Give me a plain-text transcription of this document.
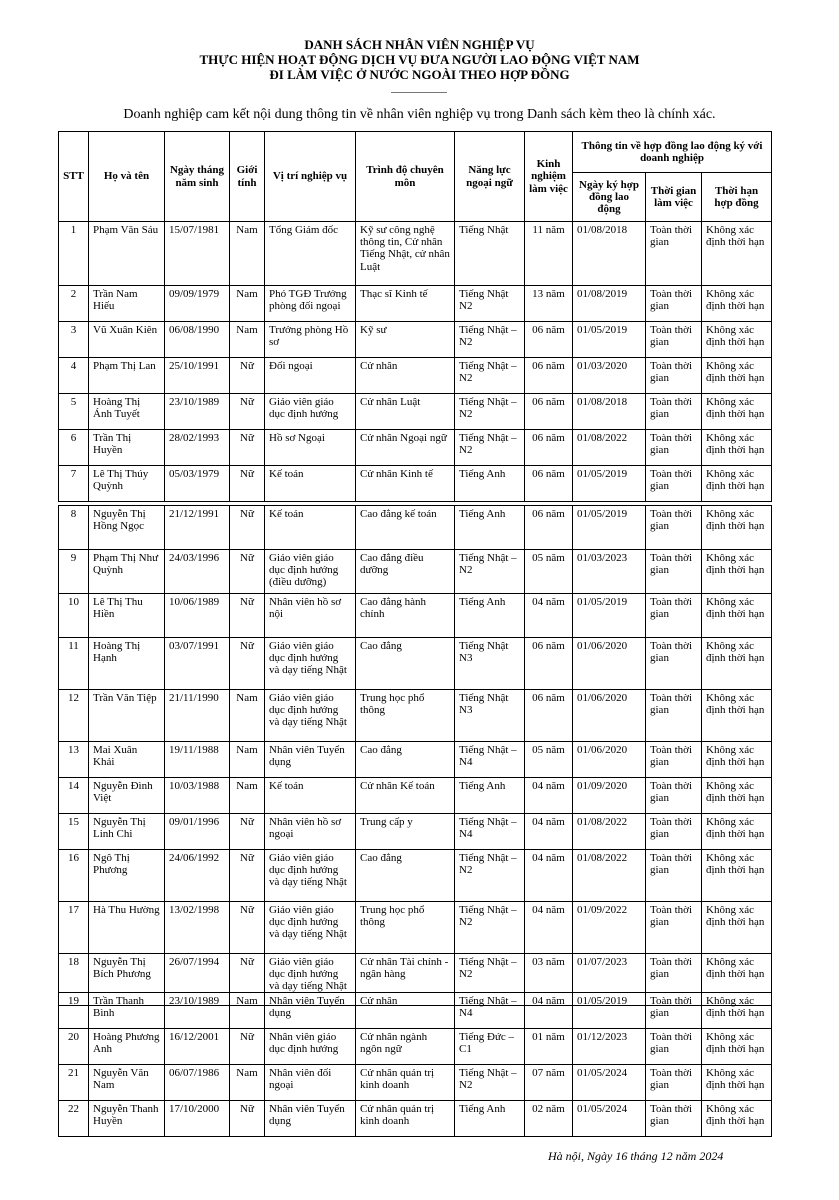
DANH SÁCH NHÂN VIÊN NGHIỆP VỤ
THỰC HIỆN HOẠT ĐỘNG DỊCH VỤ ĐƯA NGƯỜI LAO ĐỘNG VIỆT NAM
ĐI LÀM VIỆC Ở NƯỚC NGOÀI THEO HỢP ĐỒNG
Doanh nghiệp cam kết nội dung thông tin về nhân viên nghiệp vụ trong Danh sách kèm theo là chính xác.
STT	Họ và tên	Ngày tháng năm sinh	Giới tính	Vị trí nghiệp vụ	Trình độ chuyên môn	Năng lực ngoại ngữ	Kinh nghiệm làm việc	Thông tin về hợp đồng lao động ký với doanh nghiệp		
								Ngày ký hợp đồng lao động	Thời gian làm việc	Thời hạn hợp đồng
1	Phạm Văn Sáu	15/07/1981	Nam	Tổng Giám đốc	Kỹ sư công nghệ thông tin, Cử nhân Tiếng Nhật, cử nhân Luật	Tiếng Nhật	11 năm	01/08/2018	Toàn thời gian	Không xác định thời hạn
2	Trần Nam Hiếu	09/09/1979	Nam	Phó TGĐ Trưởng phòng đối ngoại	Thạc sĩ Kinh tế	Tiếng Nhật N2	13 năm	01/08/2019	Toàn thời gian	Không xác định thời hạn
3	Vũ Xuân Kiên	06/08/1990	Nam	Trưởng phòng Hồ sơ	Kỹ sư	Tiếng Nhật – N2	06 năm	01/05/2019	Toàn thời gian	Không xác định thời hạn
4	Phạm Thị Lan	25/10/1991	Nữ	Đối ngoại	Cử nhân	Tiếng Nhật – N2	06 năm	01/03/2020	Toàn thời gian	Không xác định thời hạn
5	Hoàng Thị Ánh Tuyết	23/10/1989	Nữ	Giáo viên giáo dục định hướng	Cử nhân Luật	Tiếng Nhật – N2	06 năm	01/08/2018	Toàn thời gian	Không xác định thời hạn
6	Trần Thị Huyền	28/02/1993	Nữ	Hồ sơ Ngoại	Cử nhân Ngoại ngữ	Tiếng Nhật – N2	06 năm	01/08/2022	Toàn thời gian	Không xác định thời hạn
7	Lê Thị Thúy Quỳnh	05/03/1979	Nữ	Kế toán	Cử nhân Kinh tế	Tiếng Anh	06 năm	01/05/2019	Toàn thời gian	Không xác định thời hạn
8	Nguyễn Thị Hồng Ngọc	21/12/1991	Nữ	Kế toán	Cao đẳng kế toán	Tiếng Anh	06 năm	01/05/2019	Toàn thời gian	Không xác định thời hạn
9	Phạm Thị Như Quỳnh	24/03/1996	Nữ	Giáo viên giáo dục định hướng (điều dưỡng)	Cao đẳng điều dưỡng	Tiếng Nhật – N2	05 năm	01/03/2023	Toàn thời gian	Không xác định thời hạn
10	Lê Thị Thu Hiền	10/06/1989	Nữ	Nhân viên hồ sơ nội	Cao đẳng hành chính	Tiếng Anh	04 năm	01/05/2019	Toàn thời gian	Không xác định thời hạn
11	Hoàng Thị Hạnh	03/07/1991	Nữ	Giáo viên giáo dục định hướng và dạy tiếng Nhật	Cao đẳng	Tiếng Nhật N3	06 năm	01/06/2020	Toàn thời gian	Không xác định thời hạn
12	Trần Văn Tiệp	21/11/1990	Nam	Giáo viên giáo dục định hướng và dạy tiếng Nhật	Trung học phổ thông	Tiếng Nhật N3	06 năm	01/06/2020	Toàn thời gian	Không xác định thời hạn
13	Mai Xuân Khải	19/11/1988	Nam	Nhân viên Tuyển dụng	Cao đẳng	Tiếng Nhật – N4	05 năm	01/06/2020	Toàn thời gian	Không xác định thời hạn
14	Nguyễn Đình Việt	10/03/1988	Nam	Kế toán	Cử nhân Kế toán	Tiếng Anh	04 năm	01/09/2020	Toàn thời gian	Không xác định thời hạn
15	Nguyễn Thị Linh Chi	09/01/1996	Nữ	Nhân viên hồ sơ ngoại	Trung cấp y	Tiếng Nhật – N4	04 năm	01/08/2022	Toàn thời gian	Không xác định thời hạn
16	Ngô Thị Phương	24/06/1992	Nữ	Giáo viên giáo dục định hướng và dạy tiếng Nhật	Cao đẳng	Tiếng Nhật – N2	04 năm	01/08/2022	Toàn thời gian	Không xác định thời hạn
17	Hà Thu Hường	13/02/1998	Nữ	Giáo viên giáo dục định hướng và dạy tiếng Nhật	Trung học phổ thông	Tiếng Nhật – N2	04 năm	01/09/2022	Toàn thời gian	Không xác định thời hạn
18	Nguyễn Thị Bích Phương	26/07/1994	Nữ	Giáo viên giáo dục định hướng và dạy tiếng Nhật	Cử nhân Tài chính - ngân hàng	Tiếng Nhật – N2	03 năm	01/07/2023	Toàn thời gian	Không xác định thời hạn
19	Trần Thanh Bình	23/10/1989	Nam	Nhân viên Tuyển dụng	Cử nhân	Tiếng Nhật – N4	04 năm	01/05/2019	Toàn thời gian	Không xác định thời hạn
20	Hoàng Phương Anh	16/12/2001	Nữ	Nhân viên giáo dục định hướng	Cử nhân ngành ngôn ngữ	Tiếng Đức – C1	01 năm	01/12/2023	Toàn thời gian	Không xác định thời hạn
21	Nguyễn Văn Nam	06/07/1986	Nam	Nhân viên đối ngoại	Cử nhân quản trị kinh doanh	Tiếng Nhật – N2	07 năm	01/05/2024	Toàn thời gian	Không xác định thời hạn
22	Nguyễn Thanh Huyền	17/10/2000	Nữ	Nhân viên Tuyển dụng	Cử nhân quản trị kinh doanh	Tiếng Anh	02 năm	01/05/2024	Toàn thời gian	Không xác định thời hạn
Hà nội, Ngày 16 tháng 12 năm 2024
